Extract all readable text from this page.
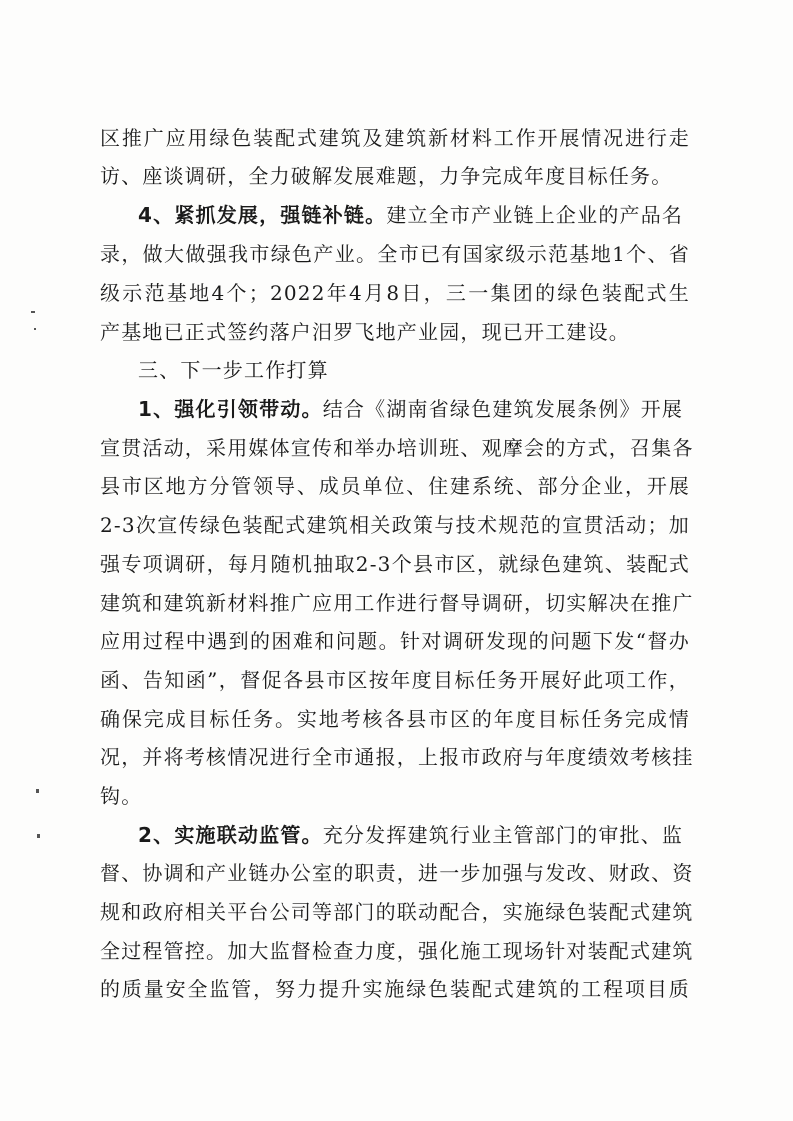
区推广应用绿色装配式建筑及建筑新材料工作开展情况进行走
访、座谈调研，全力破解发展难题，力争完成年度目标任务。
4、紧抓发展，强链补链。建立全市产业链上企业的产品名
录，做大做强我市绿色产业。全市已有国家级示范基地1个、省
级示范基地4个；2022年4月8日，三一集团的绿色装配式生
产基地已正式签约落户汨罗飞地产业园，现已开工建设。
三、下一步工作打算
1、强化引领带动。结合《湖南省绿色建筑发展条例》开展
宣贯活动，采用媒体宣传和举办培训班、观摩会的方式，召集各
县市区地方分管领导、成员单位、住建系统、部分企业，开展
2-3次宣传绿色装配式建筑相关政策与技术规范的宣贯活动；加
强专项调研，每月随机抽取2-3个县市区，就绿色建筑、装配式
建筑和建筑新材料推广应用工作进行督导调研，切实解决在推广
应用过程中遇到的困难和问题。针对调研发现的问题下发“督办
函、告知函”，督促各县市区按年度目标任务开展好此项工作，
确保完成目标任务。实地考核各县市区的年度目标任务完成情
况，并将考核情况进行全市通报，上报市政府与年度绩效考核挂
钩。
2、实施联动监管。充分发挥建筑行业主管部门的审批、监
督、协调和产业链办公室的职责，进一步加强与发改、财政、资
规和政府相关平台公司等部门的联动配合，实施绿色装配式建筑
全过程管控。加大监督检查力度，强化施工现场针对装配式建筑
的质量安全监管，努力提升实施绿色装配式建筑的工程项目质
